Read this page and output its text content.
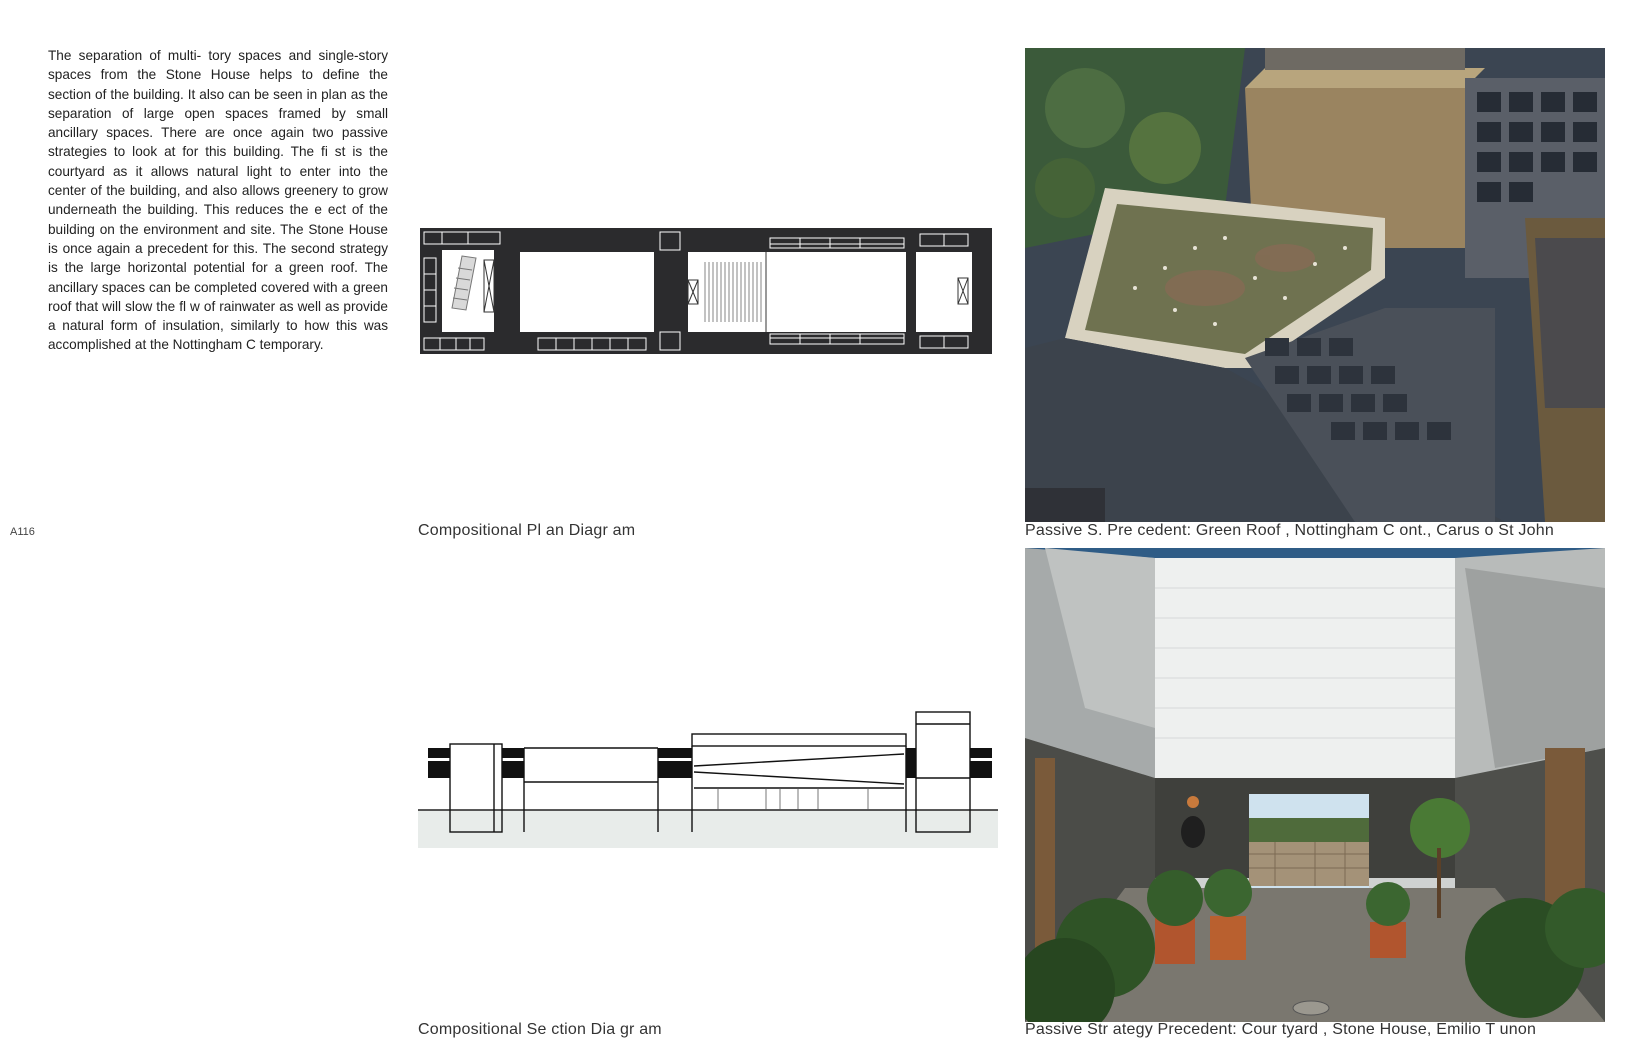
A116

The separation of multi- tory spaces and single-story spaces from the Stone House helps to define the section of the building. It also can be seen in plan as the separation of large open spaces framed by small ancillary spaces. There are once again two passive strategies to look at for this building. The fi st is the courtyard as it allows natural light to enter into the center of the building, and also allows greenery to grow underneath the building. This reduces the e ect of the building on the environment and site. The Stone House is once again a precedent for this. The second strategy is the large horizontal potential for a green roof. The ancillary spaces can be completed covered with a green roof that will slow the fl w of rainwater as well as provide a natural form of insulation, similarly to how this was accomplished at the Nottingham C temporary.

Compositional Pl an Diagr am
Compositional Se ction Dia gr am
Passive S. Pre cedent: Green Roof , Nottingham C ont., Carus o St John
Passive Str ategy Precedent: Cour tyard , Stone House, Emilio T unon
